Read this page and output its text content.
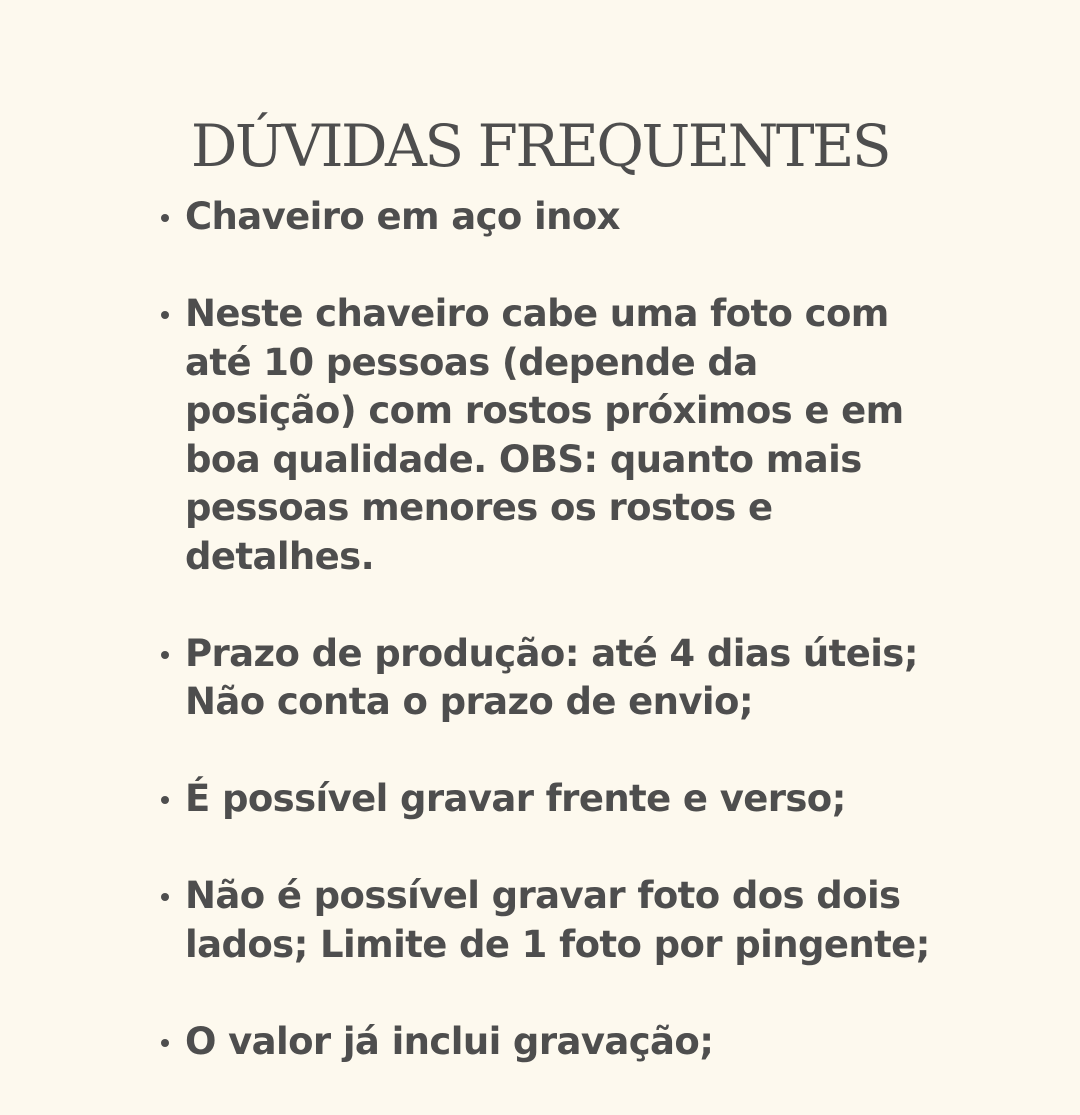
DÚVIDAS FREQUENTES
Chaveiro em aço inox
Neste chaveiro cabe uma foto com
até 10 pessoas (depende da
posição) com rostos próximos e em
boa qualidade. OBS: quanto mais
pessoas menores os rostos e
detalhes.
Prazo de produção: até 4 dias úteis;
Não conta o prazo de envio;
É possível gravar frente e verso;
Não é possível gravar foto dos dois
lados; Limite de 1 foto por pingente;
O valor já inclui gravação;
